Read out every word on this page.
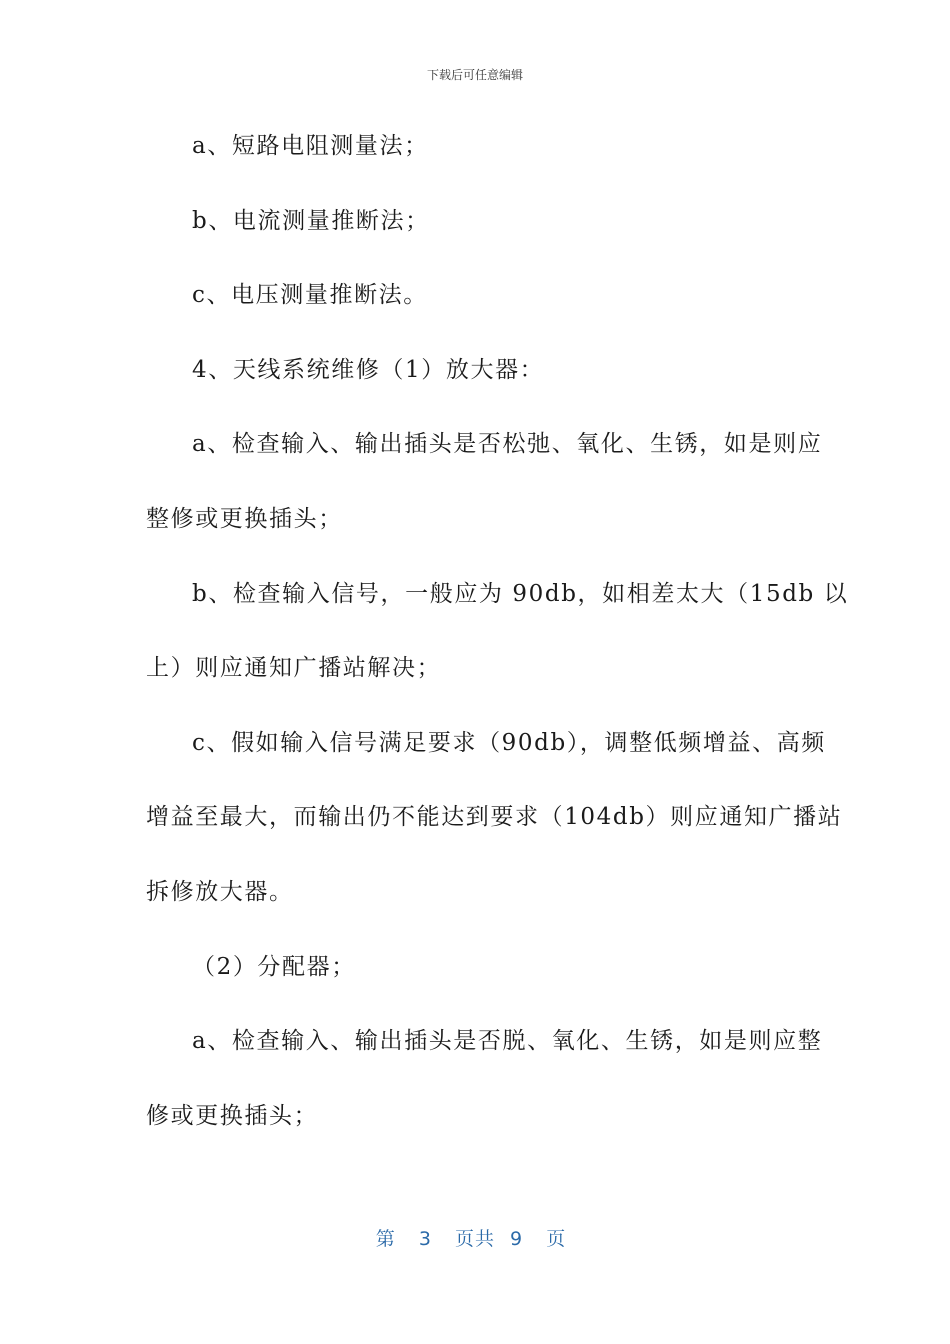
下载后可任意编辑
a、短路电阻测量法；
b、电流测量推断法；
c、电压测量推断法。
4、天线系统维修（1）放大器：
a、检查输入、输出插头是否松弛、氧化、生锈，如是则应
整修或更换插头；
b、检查输入信号，一般应为 90db，如相差太大（15db 以
上）则应通知广播站解决；
c、假如输入信号满足要求（90db），调整低频增益、高频
增益至最大，而输出仍不能达到要求（104db）则应通知广播站
拆修放大器。
（2）分配器；
a、检查输入、输出插头是否脱、氧化、生锈，如是则应整
修或更换插头；
第 3 页共 9 页
